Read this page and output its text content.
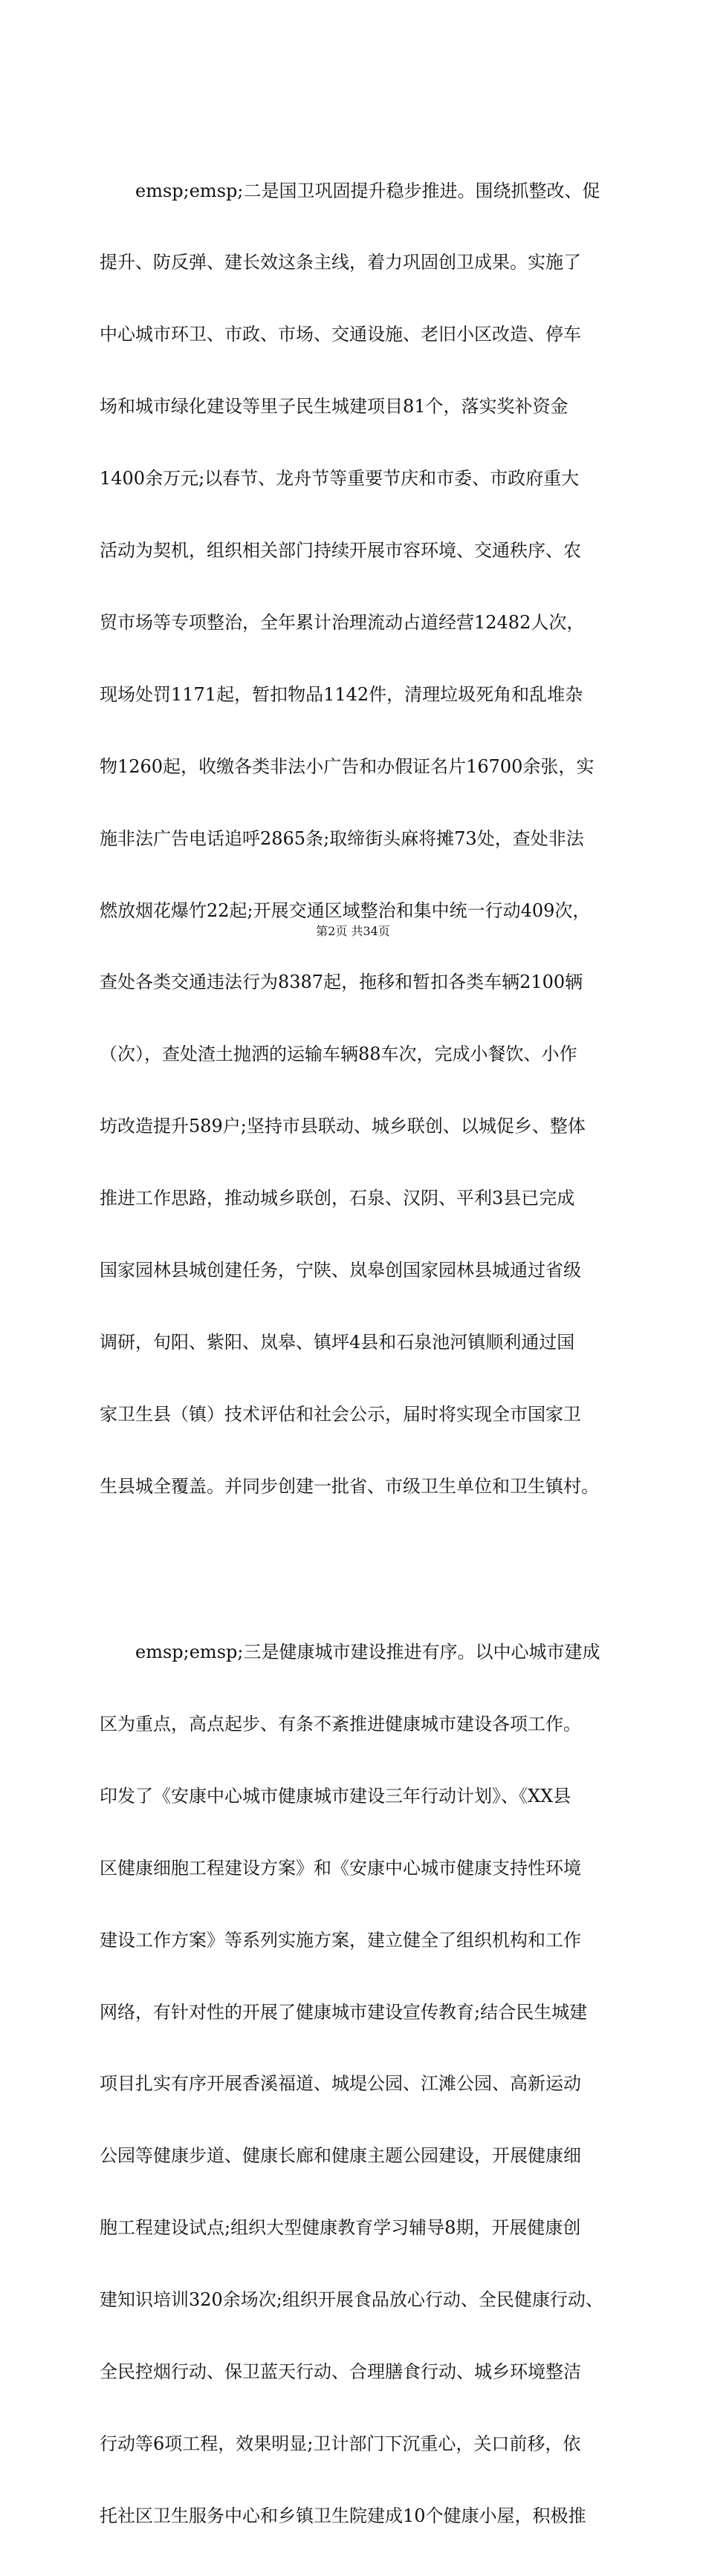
emsp;emsp;二是国卫巩固提升稳步推进。围绕抓整改、促

提升、防反弹、建长效这条主线，着力巩固创卫成果。实施了

中心城市环卫、市政、市场、交通设施、老旧小区改造、停车

场和城市绿化建设等里子民生城建项目81个，落实奖补资金

1400余万元;以春节、龙舟节等重要节庆和市委、市政府重大

活动为契机，组织相关部门持续开展市容环境、交通秩序、农

贸市场等专项整治，全年累计治理流动占道经营12482人次，

现场处罚1171起，暂扣物品1142件，清理垃圾死角和乱堆杂

物1260起，收缴各类非法小广告和办假证名片16700余张，实

施非法广告电话追呼2865条;取缔街头麻将摊73处，查处非法

燃放烟花爆竹22起;开展交通区域整治和集中统一行动409次，

查处各类交通违法行为8387起，拖移和暂扣各类车辆2100辆

（次），查处渣土抛洒的运输车辆88车次，完成小餐饮、小作

坊改造提升589户;坚持市县联动、城乡联创、以城促乡、整体

推进工作思路，推动城乡联创，石泉、汉阴、平利3县已完成

国家园林县城创建任务，宁陕、岚皋创国家园林县城通过省级

调研，旬阳、紫阳、岚皋、镇坪4县和石泉池河镇顺利通过国

家卫生县（镇）技术评估和社会公示，届时将实现全市国家卫

生县城全覆盖。并同步创建一批省、市级卫生单位和卫生镇村。

emsp;emsp;三是健康城市建设推进有序。以中心城市建成

区为重点，高点起步、有条不紊推进健康城市建设各项工作。

印发了《安康中心城市健康城市建设三年行动计划》、《XX县

区健康细胞工程建设方案》和《安康中心城市健康支持性环境

建设工作方案》等系列实施方案，建立健全了组织机构和工作

网络，有针对性的开展了健康城市建设宣传教育;结合民生城建

项目扎实有序开展香溪福道、城堤公园、江滩公园、高新运动

公园等健康步道、健康长廊和健康主题公园建设，开展健康细

胞工程建设试点;组织大型健康教育学习辅导8期，开展健康创

建知识培训320余场次;组织开展食品放心行动、全民健康行动、

全民控烟行动、保卫蓝天行动、合理膳食行动、城乡环境整洁

行动等6项工程，效果明显;卫计部门下沉重心，关口前移，依

托社区卫生服务中心和乡镇卫生院建成10个健康小屋，积极推

第2页 共34页
